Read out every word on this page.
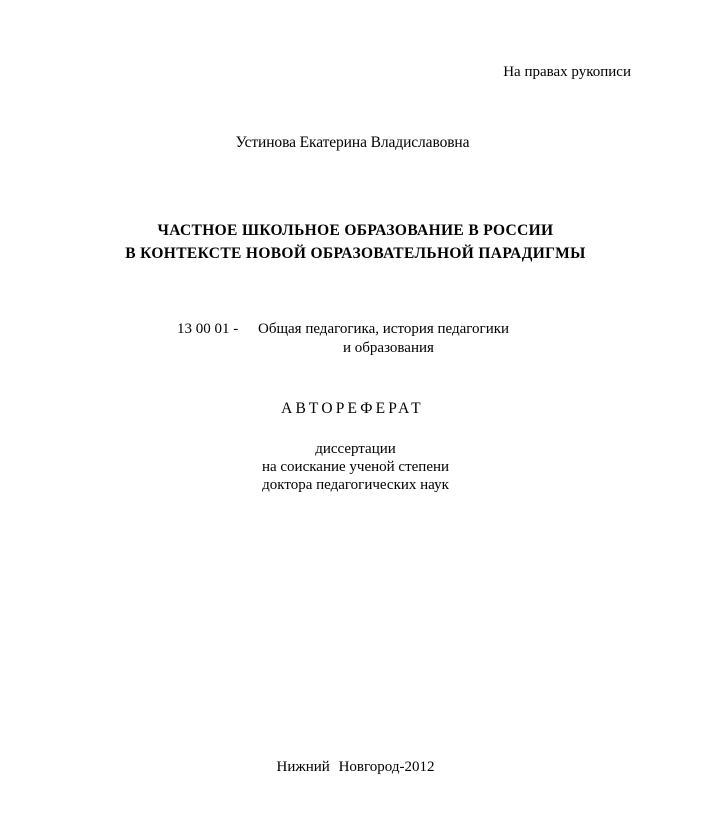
На правах рукописи
Устинова Екатерина Владиславовна
ЧАСТНОЕ ШКОЛЬНОЕ ОБРАЗОВАНИЕ В РОССИИ
В КОНТЕКСТЕ НОВОЙ ОБРАЗОВАТЕЛЬНОЙ ПАРАДИГМЫ
13 00 01 - Общая педагогика, история педагогики
и образования
АВТОРЕФЕРАТ
диссертации
на соискание ученой степени
доктора педагогических наук
Нижний Новгород-2012
